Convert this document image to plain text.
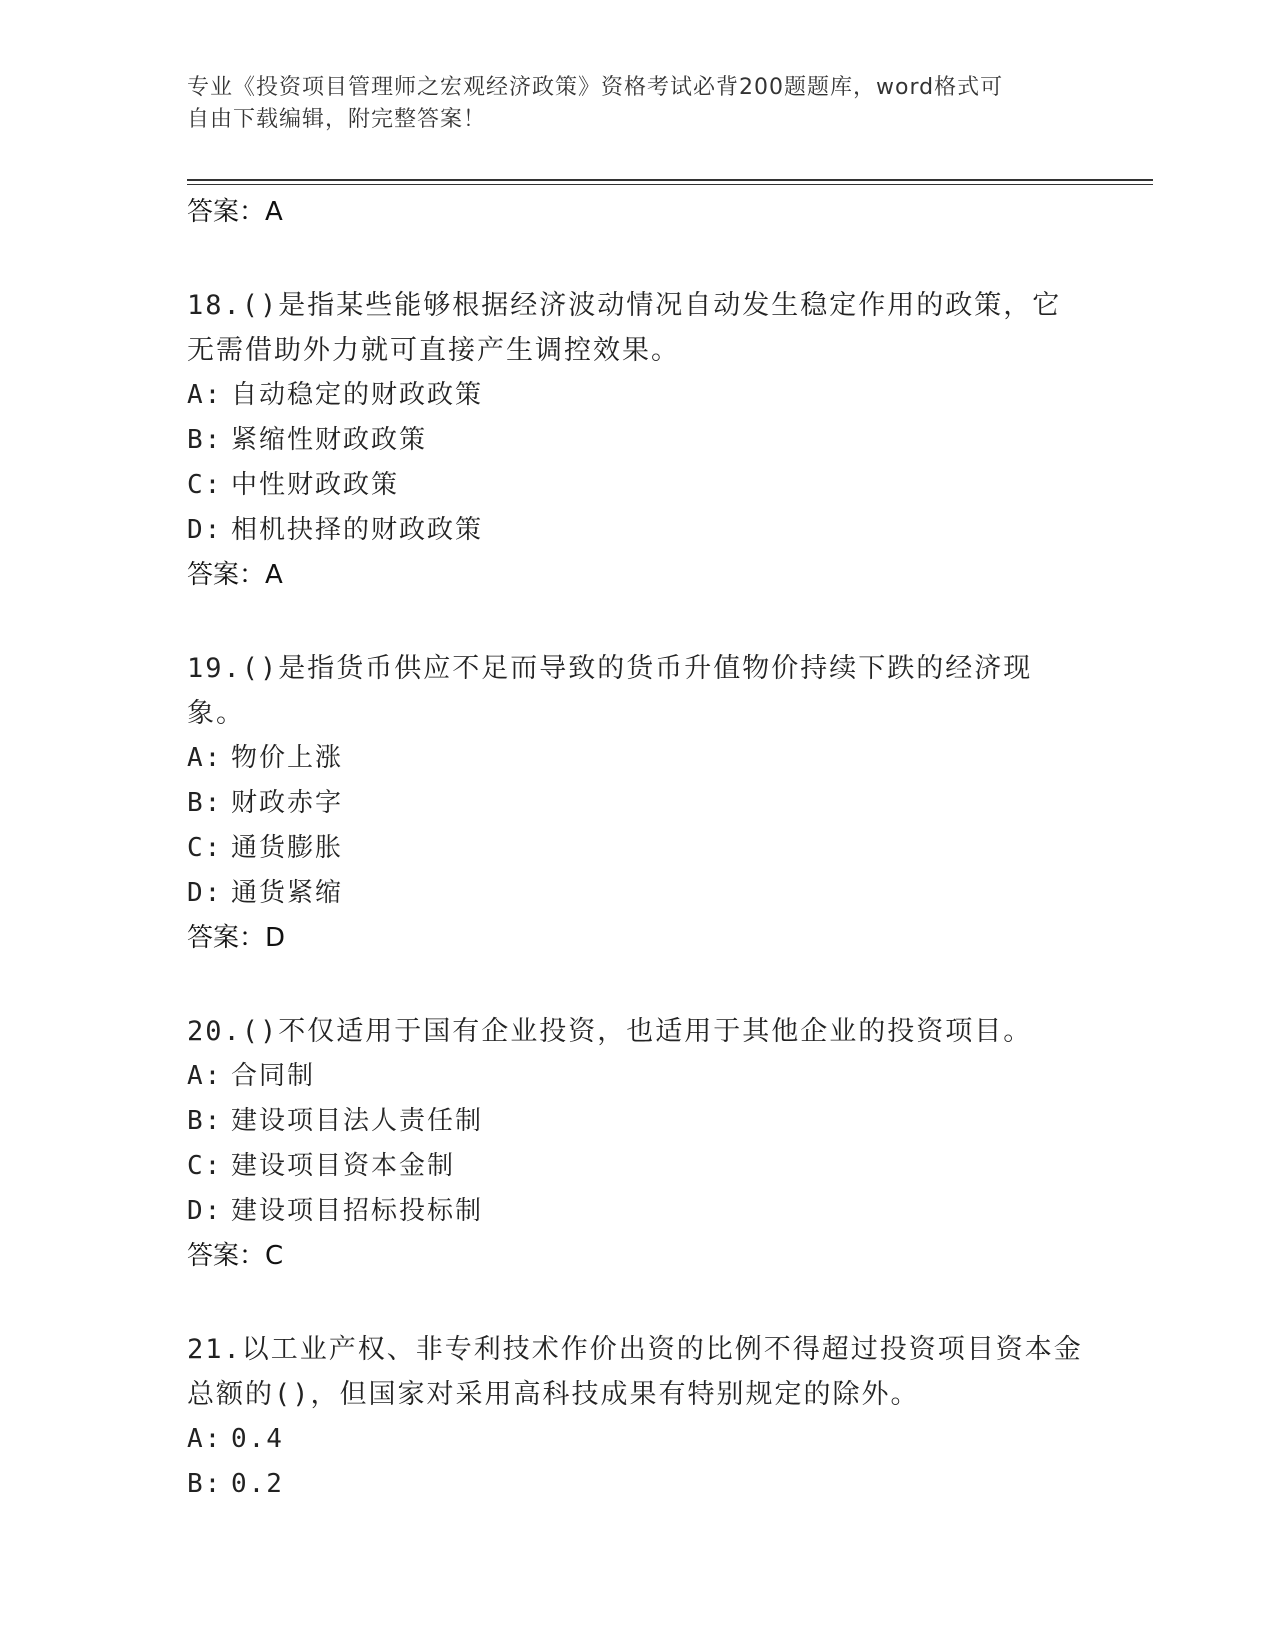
专业《投资项目管理师之宏观经济政策》资格考试必背200题题库，word格式可
自由下载编辑，附完整答案！
答案：A
18.()是指某些能够根据经济波动情况自动发生稳定作用的政策，它无需借助外力就可直接产生调控效果。
A: 自动稳定的财政政策
B: 紧缩性财政政策
C: 中性财政政策
D: 相机抉择的财政政策
答案：A
19.()是指货币供应不足而导致的货币升值物价持续下跌的经济现象。
A: 物价上涨
B: 财政赤字
C: 通货膨胀
D: 通货紧缩
答案：D
20.()不仅适用于国有企业投资，也适用于其他企业的投资项目。
A: 合同制
B: 建设项目法人责任制
C: 建设项目资本金制
D: 建设项目招标投标制
答案：C
21.以工业产权、非专利技术作价出资的比例不得超过投资项目资本金总额的()，但国家对采用高科技成果有特别规定的除外。
A: 0.4
B: 0.2
